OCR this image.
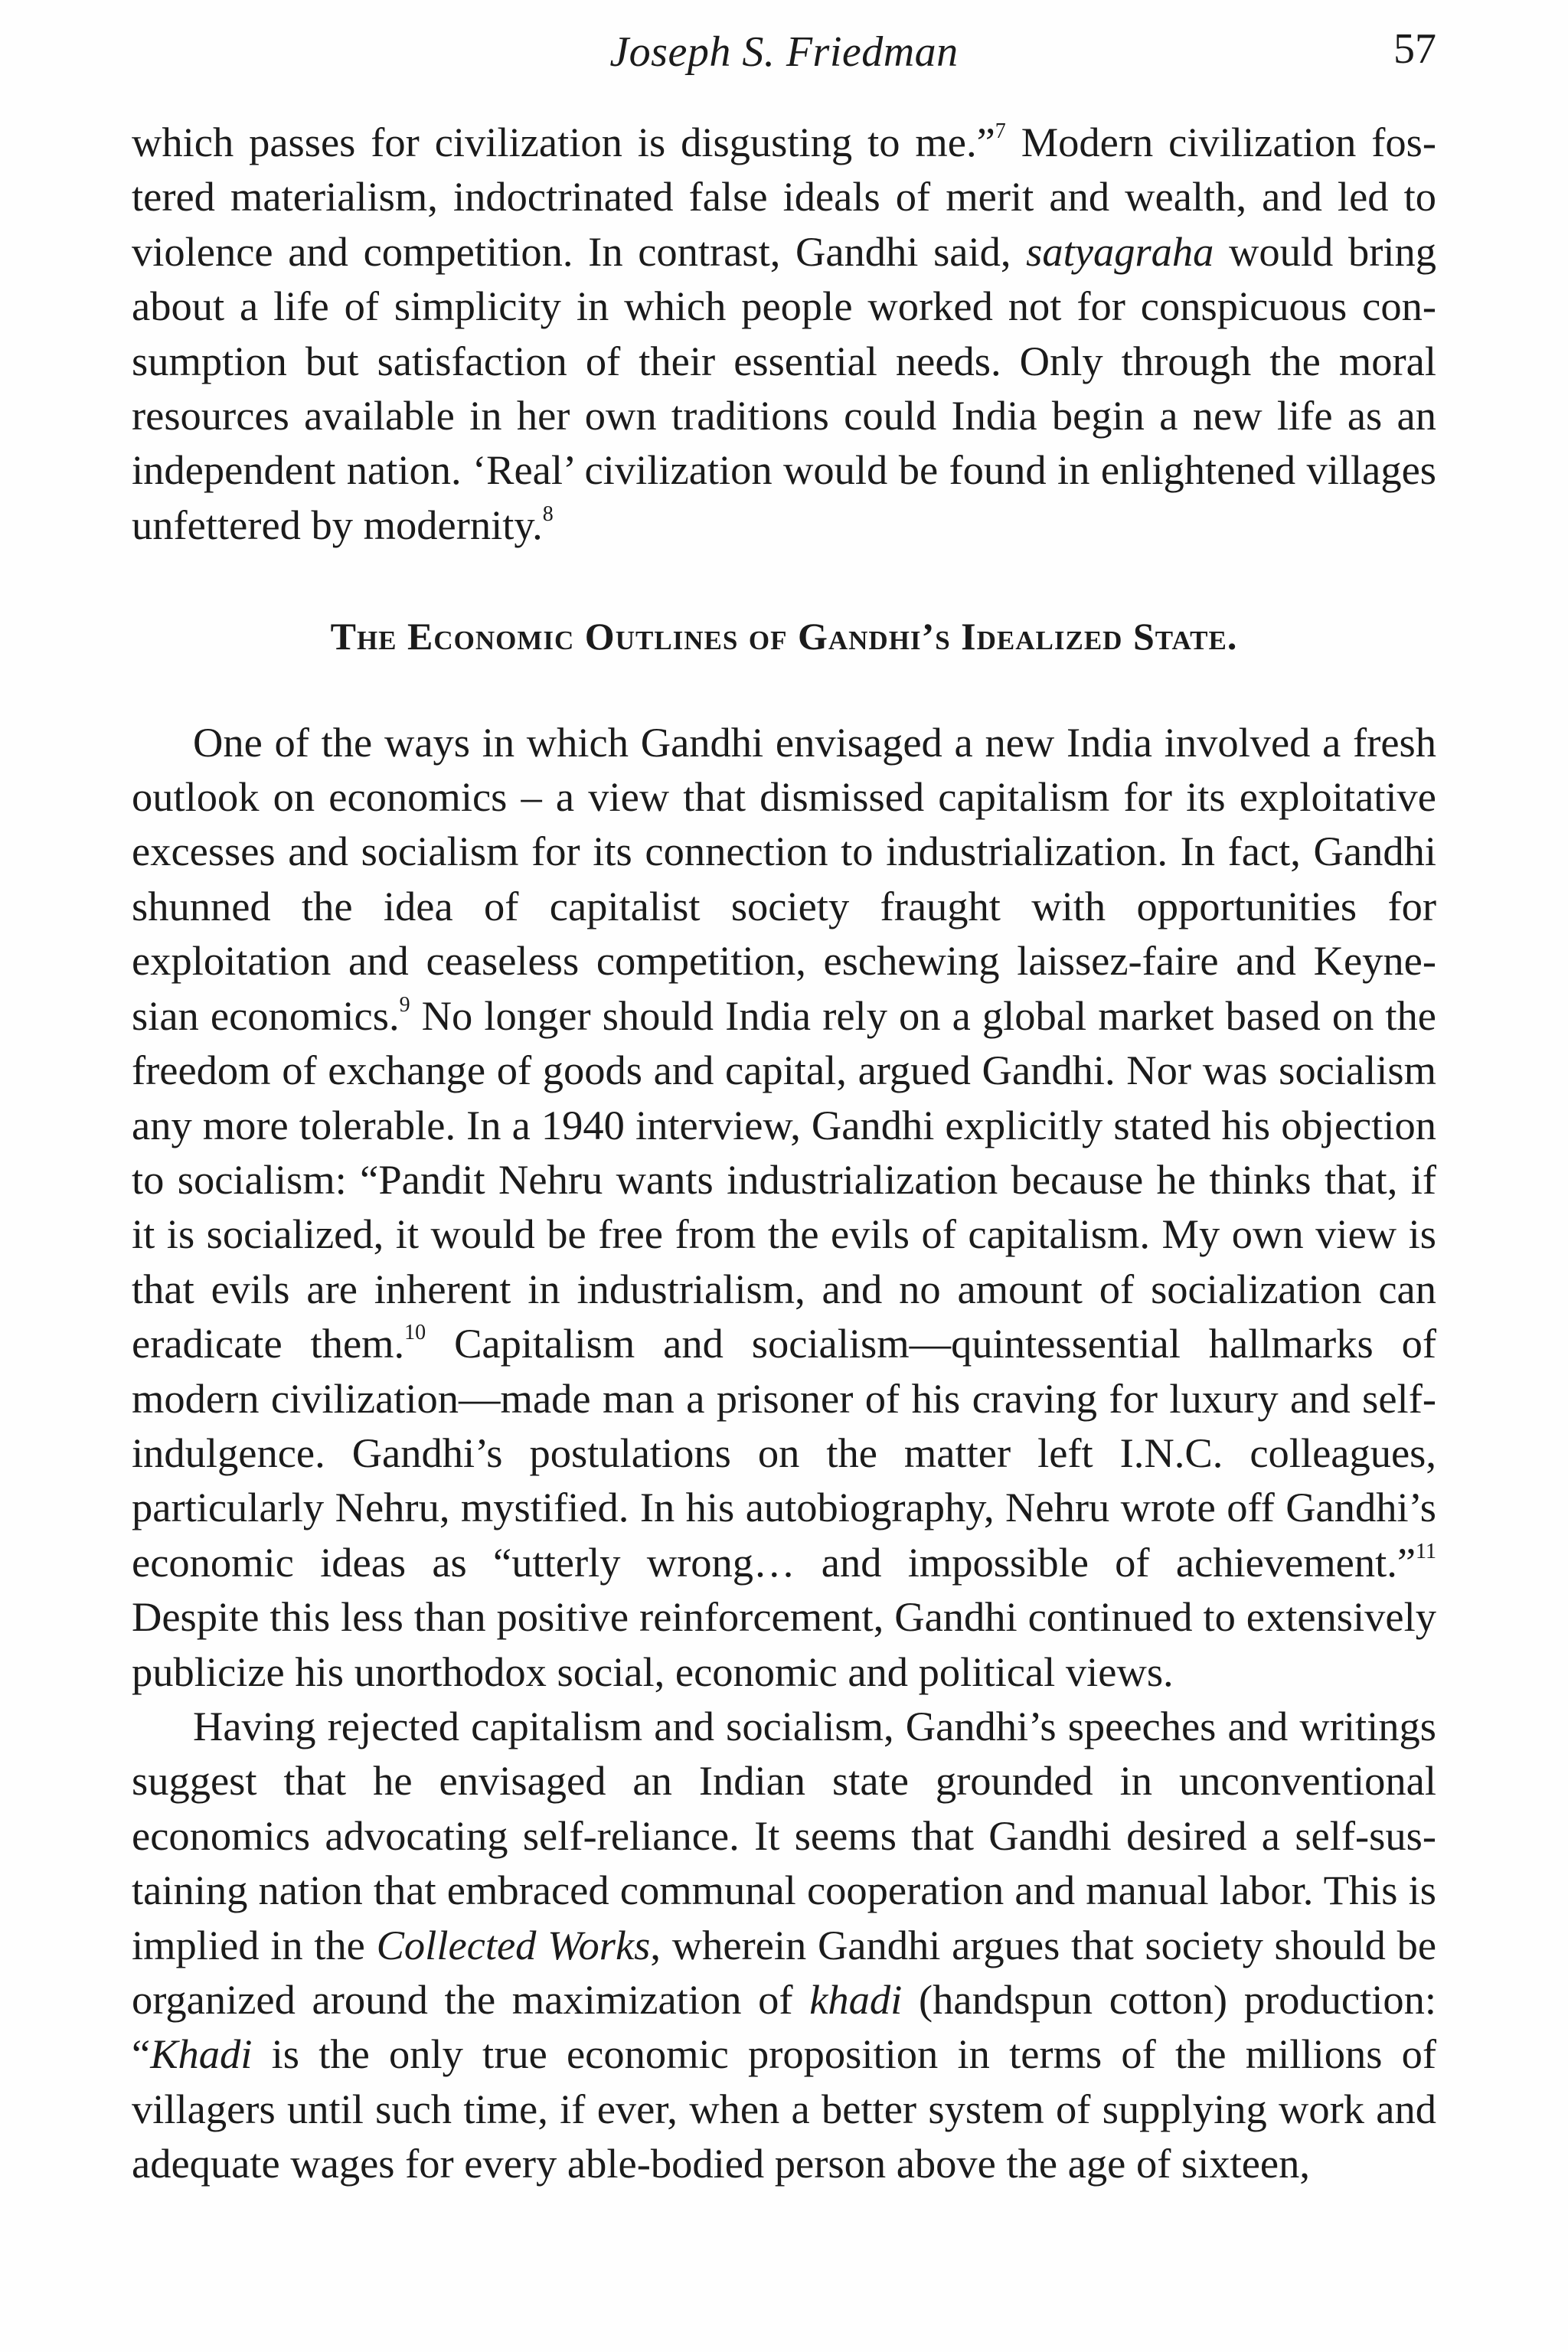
Joseph S. Friedman	57

which passes for civilization is disgusting to me.”$^7$ Modern civilization fostered materialism, indoctrinated false ideals of merit and wealth, and led to violence and competition. In contrast, Gandhi said, satyagraha would bring about a life of simplicity in which people worked not for conspicuous consumption but satisfaction of their essential needs. Only through the moral resources available in her own traditions could India begin a new life as an independent nation. ‘Real’ civilization would be found in enlightened villages unfettered by modernity.$^8$

The Economic Outlines of Gandhi’s Idealized State.

One of the ways in which Gandhi envisaged a new India involved a fresh outlook on economics – a view that dismissed capitalism for its exploitative excesses and socialism for its connection to industrialization. In fact, Gandhi shunned the idea of capitalist society fraught with opportunities for exploitation and ceaseless competition, eschewing laissez-faire and Keynesian economics.$^9$ No longer should India rely on a global market based on the freedom of exchange of goods and capital, argued Gandhi. Nor was socialism any more tolerable. In a 1940 interview, Gandhi explicitly stated his objection to socialism: “Pandit Nehru wants industrialization because he thinks that, if it is socialized, it would be free from the evils of capitalism. My own view is that evils are inherent in industrialism, and no amount of socialization can eradicate them.$^{10}$ Capitalism and socialism—quintessential hallmarks of modern civilization—made man a prisoner of his craving for luxury and self-indulgence. Gandhi’s postulations on the matter left I.N.C. colleagues, particularly Nehru, mystified. In his autobiography, Nehru wrote off Gandhi’s economic ideas as “utterly wrong… and impossible of achievement.”$^{11}$ Despite this less than positive reinforcement, Gandhi continued to extensively publicize his unorthodox social, economic and political views.

Having rejected capitalism and socialism, Gandhi’s speeches and writings suggest that he envisaged an Indian state grounded in unconventional economics advocating self-reliance. It seems that Gandhi desired a self-sustaining nation that embraced communal cooperation and manual labor. This is implied in the Collected Works, wherein Gandhi argues that society should be organized around the maximization of khadi (handspun cotton) production: “Khadi is the only true economic proposition in terms of the millions of villagers until such time, if ever, when a better system of supplying work and adequate wages for every able-bodied person above the age of sixteen,
